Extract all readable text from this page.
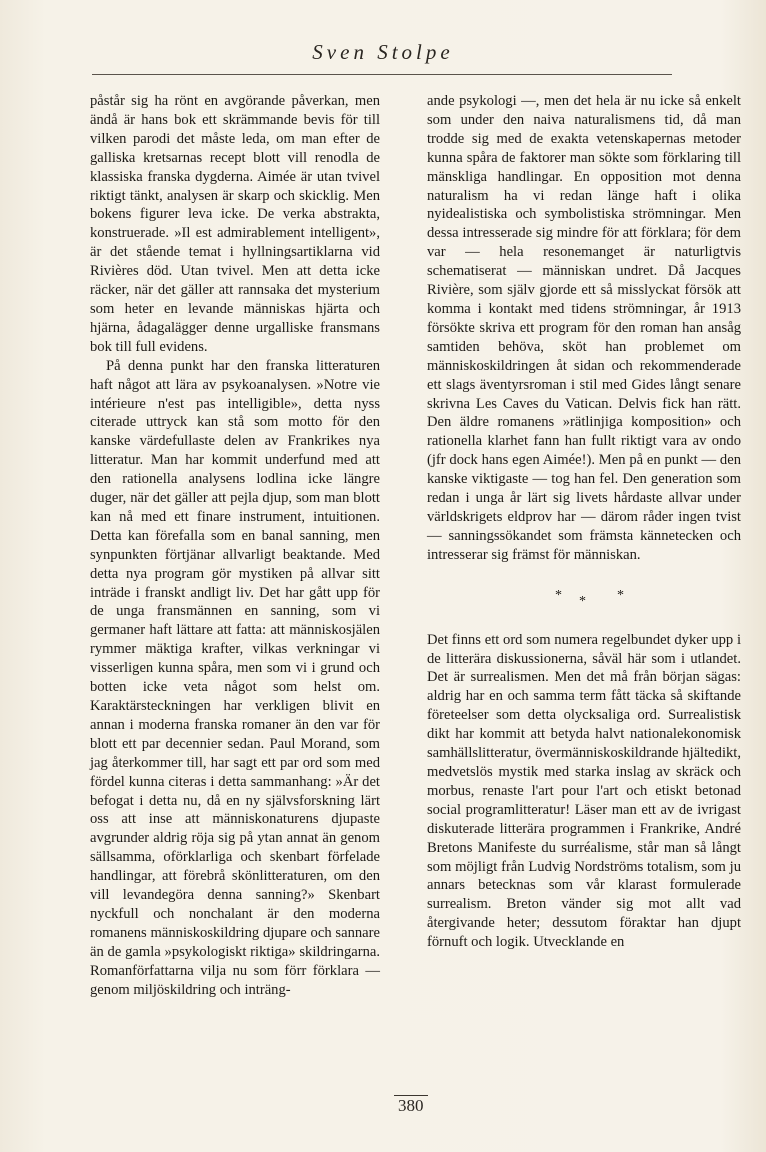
Sven Stolpe

påstår sig ha rönt en avgörande påverkan, men ändå är hans bok ett skrämmande bevis för till vilken parodi det måste leda, om man efter de galliska kretsarnas recept blott vill renodla de klassiska franska dygderna. Aimée är utan tvivel riktigt tänkt, analysen är skarp och skicklig. Men bokens figurer leva icke. De verka abstrakta, konstruerade. »Il est admirablement intelligent», är det stående temat i hyllningsartiklarna vid Rivières död. Utan tvivel. Men att detta icke räcker, när det gäller att rannsaka det mysterium som heter en levande människas hjärta och hjärna, ådagalägger denne urgalliske fransmans bok till full evidens.

På denna punkt har den franska litteraturen haft något att lära av psykoanalysen. »Notre vie intérieure n'est pas intelligible», detta nyss citerade uttryck kan stå som motto för den kanske värdefullaste delen av Frankrikes nya litteratur. Man har kommit underfund med att den rationella analysens lodlina icke längre duger, när det gäller att pejla djup, som man blott kan nå med ett finare instrument, intuitionen. Detta kan förefalla som en banal sanning, men synpunkten förtjänar allvarligt beaktande. Med detta nya program gör mystiken på allvar sitt inträde i franskt andligt liv. Det har gått upp för de unga fransmännen en sanning, som vi germaner haft lättare att fatta: att människosjälen rymmer mäktiga krafter, vilkas verkningar vi visserligen kunna spåra, men som vi i grund och botten icke veta något som helst om. Karaktärsteckningen har verkligen blivit en annan i moderna franska romaner än den var för blott ett par decennier sedan. Paul Morand, som jag återkommer till, har sagt ett par ord som med fördel kunna citeras i detta sammanhang: »Är det befogat i detta nu, då en ny självsforskning lärt oss att inse att människonaturens djupaste avgrunder aldrig röja sig på ytan annat än genom sällsamma, oförklarliga och skenbart förfelade handlingar, att förebrå skönlitteraturen, om den vill levandegöra denna sanning?» Skenbart nyckfull och nonchalant är den moderna romanens människoskildring djupare och sannare än de gamla »psykologiskt riktiga» skildringarna. Romanförfattarna vilja nu som förr förklara — genom miljöskildring och inträng-

ande psykologi —, men det hela är nu icke så enkelt som under den naiva naturalismens tid, då man trodde sig med de exakta vetenskapernas metoder kunna spåra de faktorer man sökte som förklaring till mänskliga handlingar. En opposition mot denna naturalism ha vi redan länge haft i olika nyidealistiska och symbolistiska strömningar. Men dessa intresserade sig mindre för att förklara; för dem var — hela resonemanget är naturligtvis schematiserat — människan undret. Då Jacques Rivière, som själv gjorde ett så misslyckat försök att komma i kontakt med tidens strömningar, år 1913 försökte skriva ett program för den roman han ansåg samtiden behöva, sköt han problemet om människoskildringen åt sidan och rekommenderade ett slags äventyrsroman i stil med Gides långt senare skrivna Les Caves du Vatican. Delvis fick han rätt. Den äldre romanens »rätlinjiga komposition» och rationella klarhet fann han fullt riktigt vara av ondo (jfr dock hans egen Aimée!). Men på en punkt — den kanske viktigaste — tog han fel. Den generation som redan i unga år lärt sig livets hårdaste allvar under världskrigets eldprov har — därom råder ingen tvist — sanningssökandet som främsta kännetecken och intresserar sig främst för människan.

* * *

Det finns ett ord som numera regelbundet dyker upp i de litterära diskussionerna, såväl här som i utlandet. Det är surrealismen. Men det må från början sägas: aldrig har en och samma term fått täcka så skiftande företeelser som detta olycksaliga ord. Surrealistisk dikt har kommit att betyda halvt nationalekonomisk samhällslitteratur, övermänniskoskildrande hjältedikt, medvetslös mystik med starka inslag av skräck och morbus, renaste l'art pour l'art och etiskt betonad social programlitteratur! Läser man ett av de ivrigast diskuterade litterära programmen i Frankrike, André Bretons Manifeste du surréalisme, står man så långt som möjligt från Ludvig Nordströms totalism, som ju annars betecknas som vår klarast formulerade surrealism. Breton vänder sig mot allt vad återgivande heter; dessutom föraktar han djupt förnuft och logik. Utvecklande en

380
